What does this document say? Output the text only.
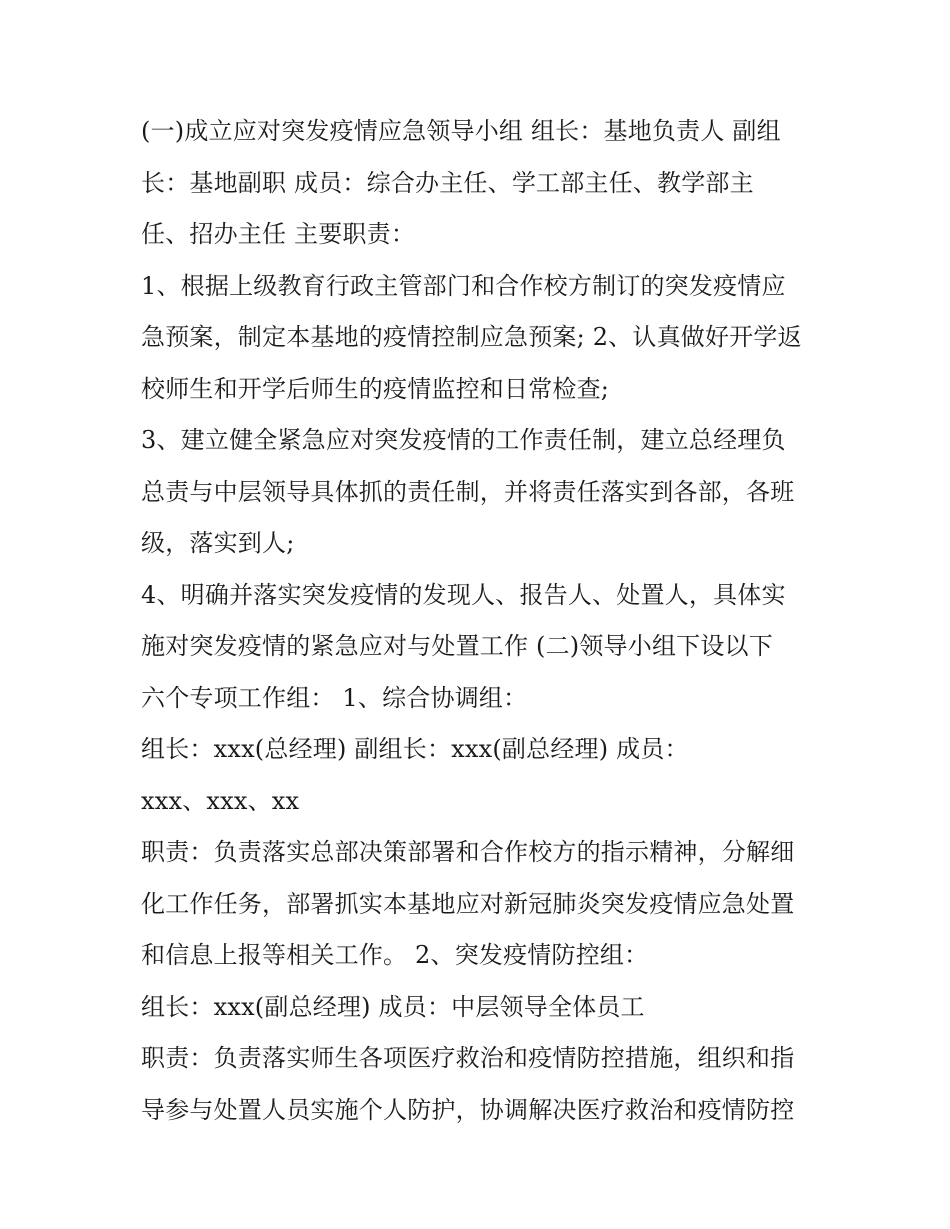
(一)成立应对突发疫情应急领导小组 组长：基地负责人 副组
长：基地副职 成员：综合办主任、学工部主任、教学部主
任、招办主任 主要职责：
1、根据上级教育行政主管部门和合作校方制订的突发疫情应
急预案，制定本基地的疫情控制应急预案; 2、认真做好开学返
校师生和开学后师生的疫情监控和日常检查;
3、建立健全紧急应对突发疫情的工作责任制，建立总经理负
总责与中层领导具体抓的责任制，并将责任落实到各部，各班
级，落实到人;
4、明确并落实突发疫情的发现人、报告人、处置人，具体实
施对突发疫情的紧急应对与处置工作 (二)领导小组下设以下
六个专项工作组： 1、综合协调组：
组长：xxx(总经理) 副组长：xxx(副总经理) 成员：
xxx、xxx、xx
职责：负责落实总部决策部署和合作校方的指示精神，分解细
化工作任务，部署抓实本基地应对新冠肺炎突发疫情应急处置
和信息上报等相关工作。 2、突发疫情防控组：
组长：xxx(副总经理) 成员：中层领导全体员工
职责：负责落实师生各项医疗救治和疫情防控措施，组织和指
导参与处置人员实施个人防护，协调解决医疗救治和疫情防控
